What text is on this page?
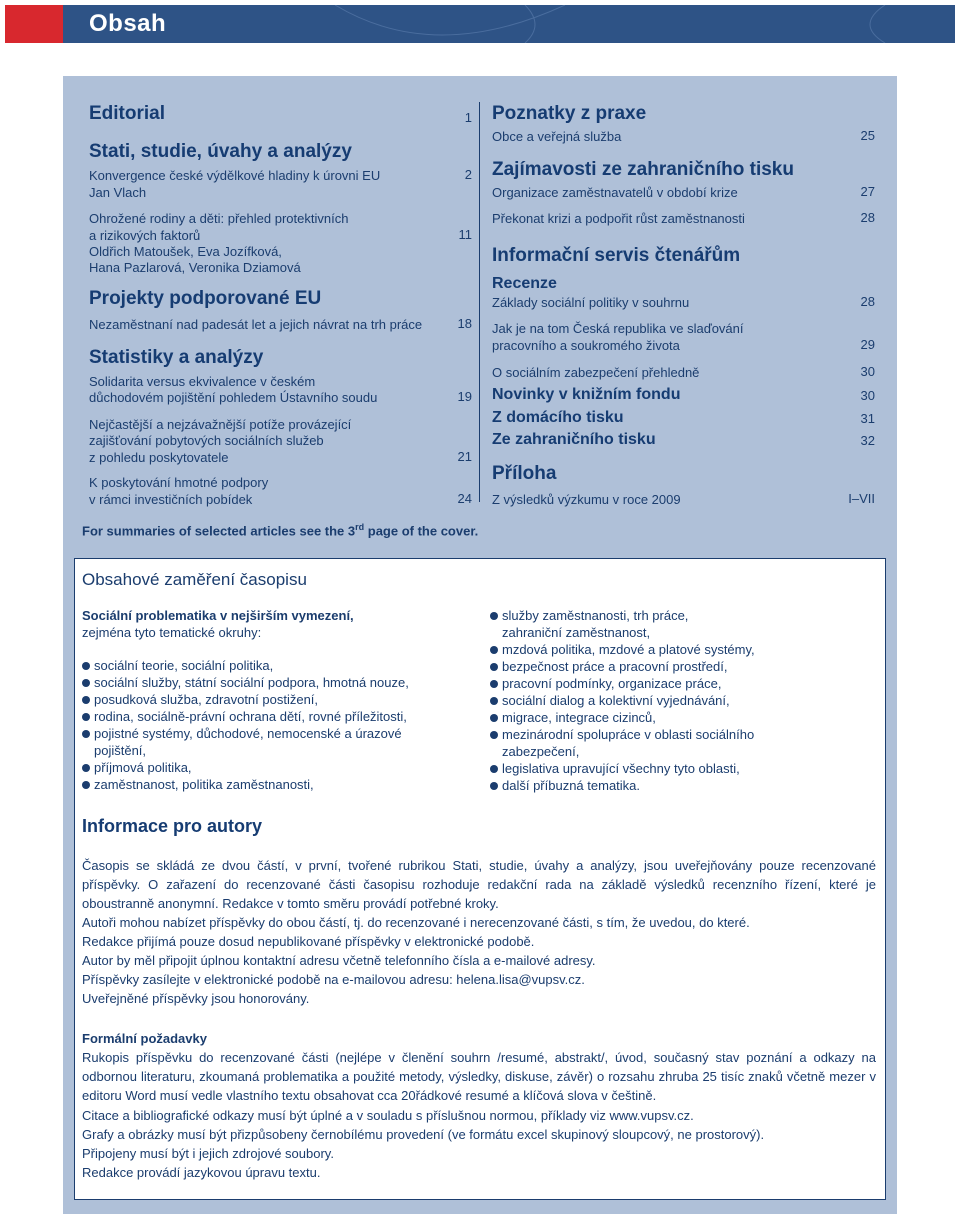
Obsah
Editorial	1
Stati, studie, úvahy a analýzy
Konvergence české výdělkové hladiny k úrovni EU	2
Jan Vlach
Ohrožené rodiny a děti: přehled protektivních
a rizikových faktorů	11
Oldřich Matoušek, Eva Jozífková,
Hana Pazlarová, Veronika Dziamová
Projekty podporované EU
Nezaměstnaní nad padesát let a jejich návrat na trh práce	18
Statistiky a analýzy
Solidarita versus ekvivalence v českém
důchodovém pojištění pohledem Ústavního soudu	19
Nejčastější a nejzávažnější potíže provázející
zajišťování pobytových sociálních služeb
z pohledu poskytovatele	21
K poskytování hmotné podpory
v rámci investičních pobídek	24
Poznatky z praxe
Obce a veřejná služba	25
Zajímavosti ze zahraničního tisku
Organizace zaměstnavatelů v období krize	27
Překonat krizi a podpořit růst zaměstnanosti	28
Informační servis čtenářům
Recenze
Základy sociální politiky v souhrnu	28
Jak je na tom Česká republika ve slaďování
pracovního a soukromého života	29
O sociálním zabezpečení přehledně	30
Novinky v knižním fondu	30
Z domácího tisku	31
Ze zahraničního tisku	32
Příloha
Z výsledků výzkumu v roce 2009	I–VII
For summaries of selected articles see the 3rd page of the cover.
Obsahové zaměření časopisu
Sociální problematika v nejširším vymezení,
zejména tyto tematické okruhy:
sociální teorie, sociální politika,
sociální služby, státní sociální podpora, hmotná nouze,
posudková služba, zdravotní postižení,
rodina, sociálně-právní ochrana dětí, rovné příležitosti,
pojistné systémy, důchodové, nemocenské a úrazové
pojištění,
příjmová politika,
zaměstnanost, politika zaměstnanosti,
služby zaměstnanosti, trh práce,
zahraniční zaměstnanost,
mzdová politika, mzdové a platové systémy,
bezpečnost práce a pracovní prostředí,
pracovní podmínky, organizace práce,
sociální dialog a kolektivní vyjednávání,
migrace, integrace cizinců,
mezinárodní spolupráce v oblasti sociálního
zabezpečení,
legislativa upravující všechny tyto oblasti,
další příbuzná tematika.
Informace pro autory
Časopis se skládá ze dvou částí, v první, tvořené rubrikou Stati, studie, úvahy a analýzy, jsou uveřejňovány pouze recenzované příspěvky. O zařazení do recenzované části časopisu rozhoduje redakční rada na základě výsledků recenzního řízení, které je oboustranně anonymní. Redakce v tomto směru provádí potřebné kroky.
Autoři mohou nabízet příspěvky do obou částí, tj. do recenzované i nerecenzované části, s tím, že uvedou, do které.
Redakce přijímá pouze dosud nepublikované příspěvky v elektronické podobě.
Autor by měl připojit úplnou kontaktní adresu včetně telefonního čísla a e-mailové adresy.
Příspěvky zasílejte v elektronické podobě na e-mailovou adresu: helena.lisa@vupsv.cz.
Uveřejněné příspěvky jsou honorovány.
Formální požadavky
Rukopis příspěvku do recenzované části (nejlépe v členění souhrn /resumé, abstrakt/, úvod, současný stav poznání a odkazy na odbornou literaturu, zkoumaná problematika a použité metody, výsledky, diskuse, závěr) o rozsahu zhruba 25 tisíc znaků včetně mezer v editoru Word musí vedle vlastního textu obsahovat cca 20řádkové resumé a klíčová slova v češtině.
Citace a bibliografické odkazy musí být úplné a v souladu s příslušnou normou, příklady viz www.vupsv.cz.
Grafy a obrázky musí být přizpůsobeny černobílému provedení (ve formátu excel skupinový sloupcový, ne prostorový).
Připojeny musí být i jejich zdrojové soubory.
Redakce provádí jazykovou úpravu textu.
